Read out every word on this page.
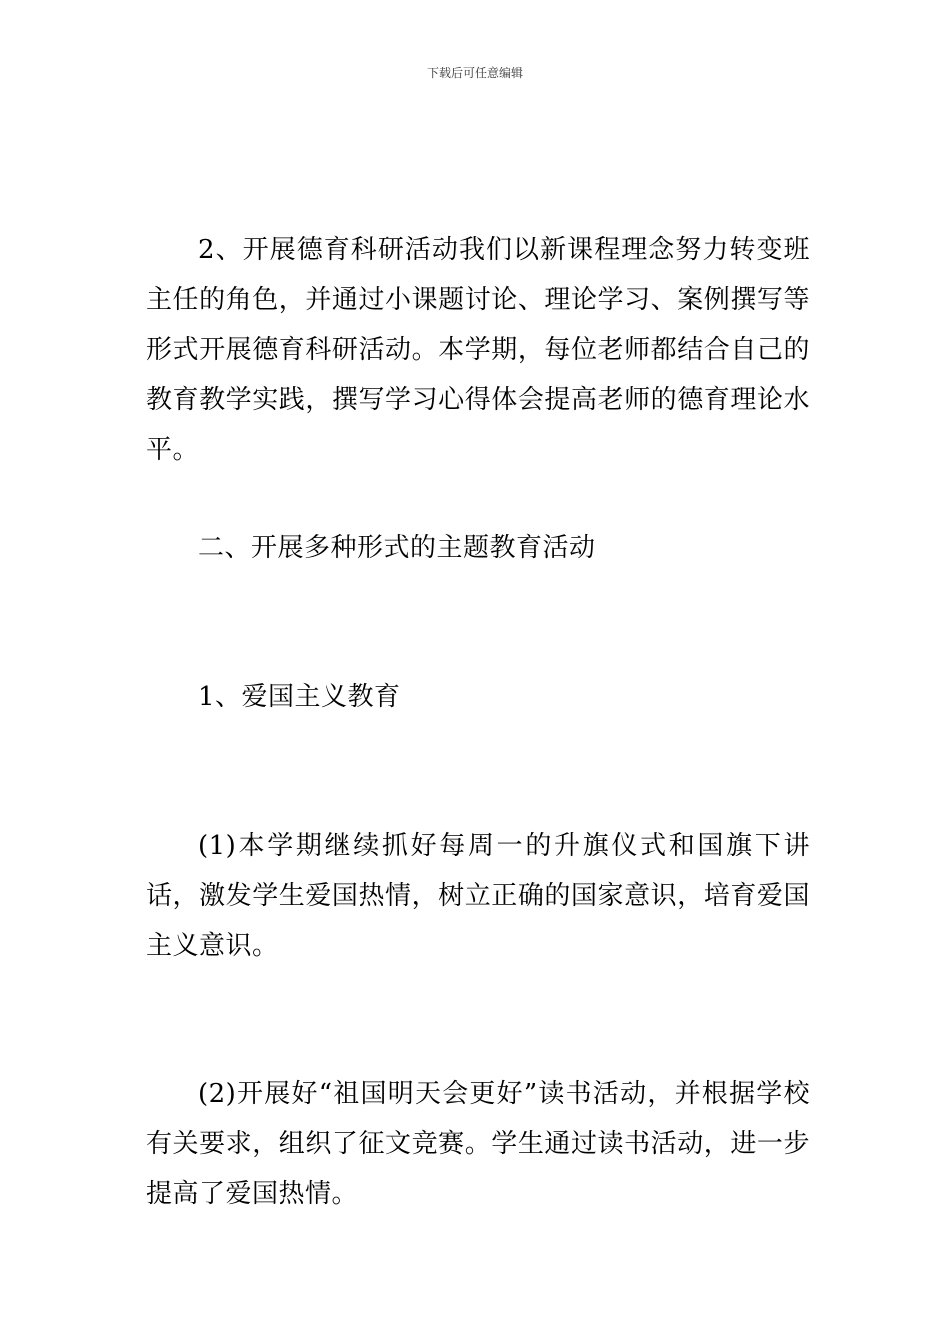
下载后可任意编辑

2、开展德育科研活动我们以新课程理念努力转变班主任的角色，并通过小课题讨论、理论学习、案例撰写等形式开展德育科研活动。本学期，每位老师都结合自己的教育教学实践，撰写学习心得体会提高老师的德育理论水平。

二、开展多种形式的主题教育活动

1、爱国主义教育

(1)本学期继续抓好每周一的升旗仪式和国旗下讲话，激发学生爱国热情，树立正确的国家意识，培育爱国主义意识。

(2)开展好“祖国明天会更好”读书活动，并根据学校有关要求，组织了征文竞赛。学生通过读书活动，进一步提高了爱国热情。
